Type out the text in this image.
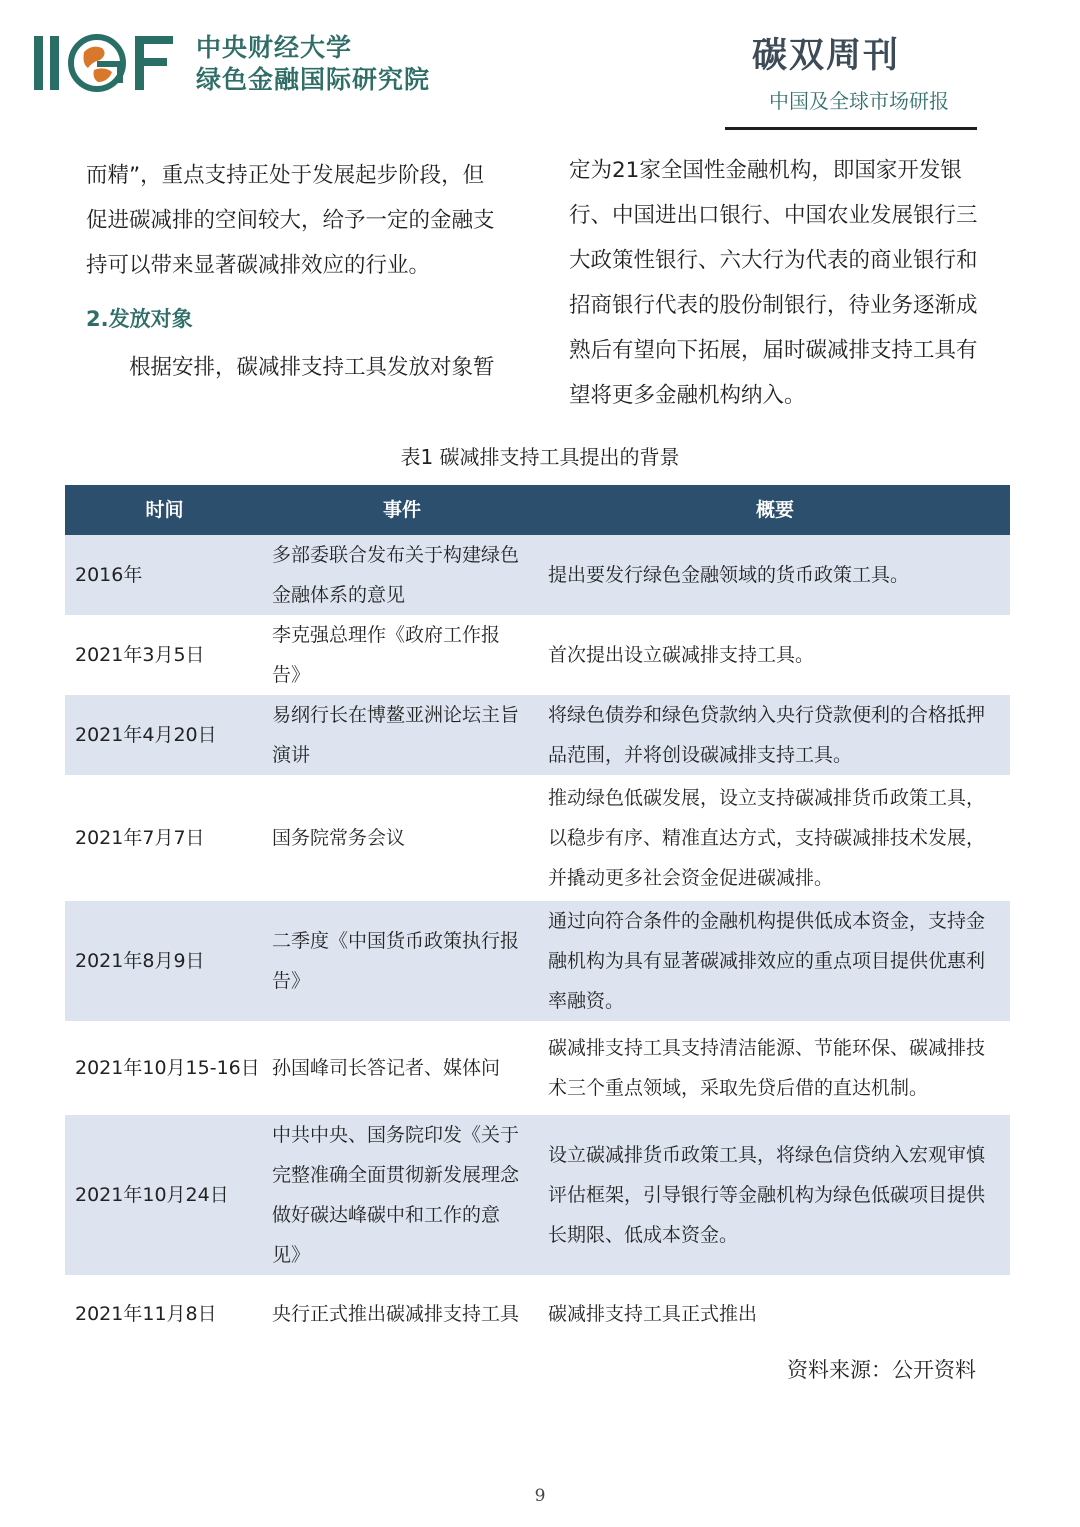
中央财经大学
绿色金融国际研究院
碳双周刊
中国及全球市场研报

而精”，重点支持正处于发展起步阶段，但

促进碳减排的空间较大，给予一定的金融支

持可以带来显著碳减排效应的行业。

2.发放对象

根据安排，碳减排支持工具发放对象暂

定为21家全国性金融机构，即国家开发银

行、中国进出口银行、中国农业发展银行三

大政策性银行、六大行为代表的商业银行和

招商银行代表的股份制银行，待业务逐渐成

熟后有望向下拓展，届时碳减排支持工具有

望将更多金融机构纳入。

表1 碳减排支持工具提出的背景
时间	事件	概要
2016年	多部委联合发布关于构建绿色金融体系的意见	提出要发行绿色金融领域的货币政策工具。
2021年3月5日	李克强总理作《政府工作报告》	首次提出设立碳减排支持工具。
2021年4月20日	易纲行长在博鳌亚洲论坛主旨演讲	将绿色债券和绿色贷款纳入央行贷款便利的合格抵押品范围，并将创设碳减排支持工具。
2021年7月7日	国务院常务会议	推动绿色低碳发展，设立支持碳减排货币政策工具，以稳步有序、精准直达方式，支持碳减排技术发展，并撬动更多社会资金促进碳减排。
2021年8月9日	二季度《中国货币政策执行报告》	通过向符合条件的金融机构提供低成本资金，支持金融机构为具有显著碳减排效应的重点项目提供优惠利率融资。
2021年10月15-16日	孙国峰司长答记者、媒体问	碳减排支持工具支持清洁能源、节能环保、碳减排技术三个重点领域，采取先贷后借的直达机制。
2021年10月24日	中共中央、国务院印发《关于完整准确全面贯彻新发展理念做好碳达峰碳中和工作的意见》	设立碳减排货币政策工具，将绿色信贷纳入宏观审慎评估框架，引导银行等金融机构为绿色低碳项目提供长期限、低成本资金。
2021年11月8日	央行正式推出碳减排支持工具	碳减排支持工具正式推出
资料来源：公开资料
9
